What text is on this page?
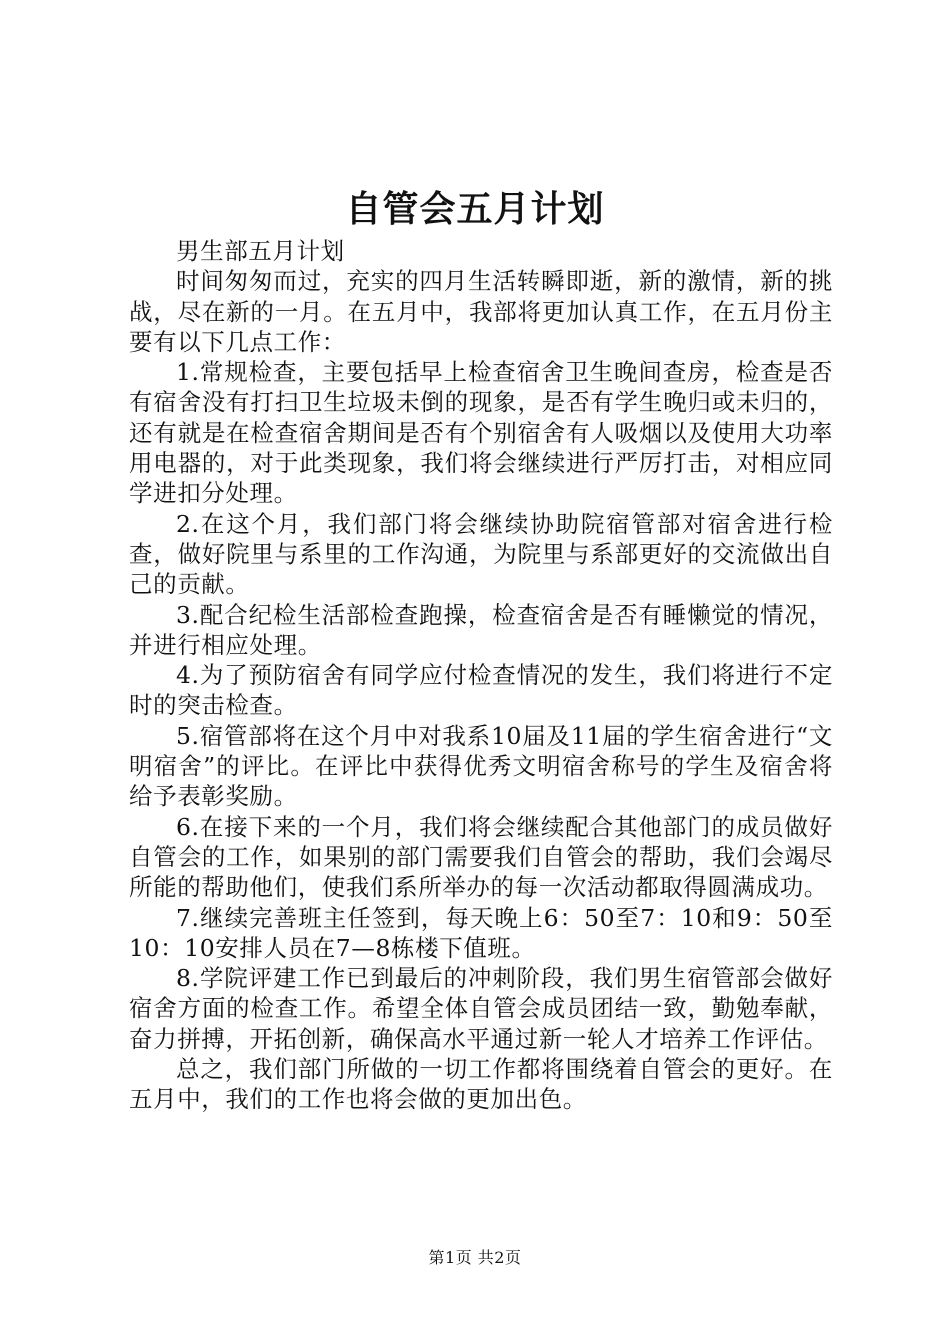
自管会五月计划

男生部五月计划

时间匆匆而过，充实的四月生活转瞬即逝，新的激情，新的挑战，尽在新的一月。在五月中，我部将更加认真工作，在五月份主要有以下几点工作：

1.常规检查，主要包括早上检查宿舍卫生晚间查房，检查是否有宿舍没有打扫卫生垃圾未倒的现象，是否有学生晚归或未归的，还有就是在检查宿舍期间是否有个别宿舍有人吸烟以及使用大功率用电器的，对于此类现象，我们将会继续进行严厉打击，对相应同学进扣分处理。

2.在这个月，我们部门将会继续协助院宿管部对宿舍进行检查，做好院里与系里的工作沟通，为院里与系部更好的交流做出自己的贡献。

3.配合纪检生活部检查跑操，检查宿舍是否有睡懒觉的情况，并进行相应处理。

4.为了预防宿舍有同学应付检查情况的发生，我们将进行不定时的突击检查。

5.宿管部将在这个月中对我系10届及11届的学生宿舍进行“文明宿舍”的评比。在评比中获得优秀文明宿舍称号的学生及宿舍将给予表彰奖励。

6.在接下来的一个月，我们将会继续配合其他部门的成员做好自管会的工作，如果别的部门需要我们自管会的帮助，我们会竭尽所能的帮助他们，使我们系所举办的每一次活动都取得圆满成功。

7.继续完善班主任签到，每天晚上6：50至7：10和9：50至10：10安排人员在7—8栋楼下值班。

8.学院评建工作已到最后的冲刺阶段，我们男生宿管部会做好宿舍方面的检查工作。希望全体自管会成员团结一致，勤勉奉献，奋力拼搏，开拓创新，确保高水平通过新一轮人才培养工作评估。

总之，我们部门所做的一切工作都将围绕着自管会的更好。在五月中，我们的工作也将会做的更加出色。

第1页 共2页
